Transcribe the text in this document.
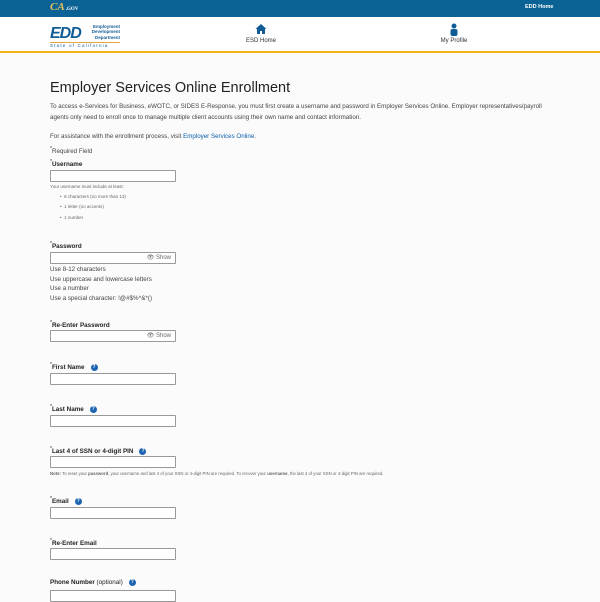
CA.GOV	EDD Home
EDD	Employment
Development
Department
State of California
ESD Home	My Profile
Employer Services Online Enrollment

To access e-Services for Business, eWOTC, or SIDES E-Response, you must first create a username and password in Employer Services Online. Employer representatives/payroll agents only need to enroll once to manage multiple client accounts using their own name and contact information.

For assistance with the enrollment process, visit Employer Services Online.

*Required Field

*Username
Your username must include at least:
•  8 characters (no more than 13)
•  1 letter (no accents)
•  1 number
*Password
👁 Show
Use 8-12 characters
Use uppercase and lowercase letters
Use a number
Use a special character: !@#$%^&*()
*Re-Enter Password
👁 Show
*First Name ?
*Last Name ?
*Last 4 of SSN or 4-digit PIN ?
Note: To reset your password, your username and last 4 of your SSN or 4-digit PIN are required. To recover your username, the last 4 of your SSN or 4-digit PIN are required.
*Email ?
*Re-Enter Email
Phone Number (optional) ?
